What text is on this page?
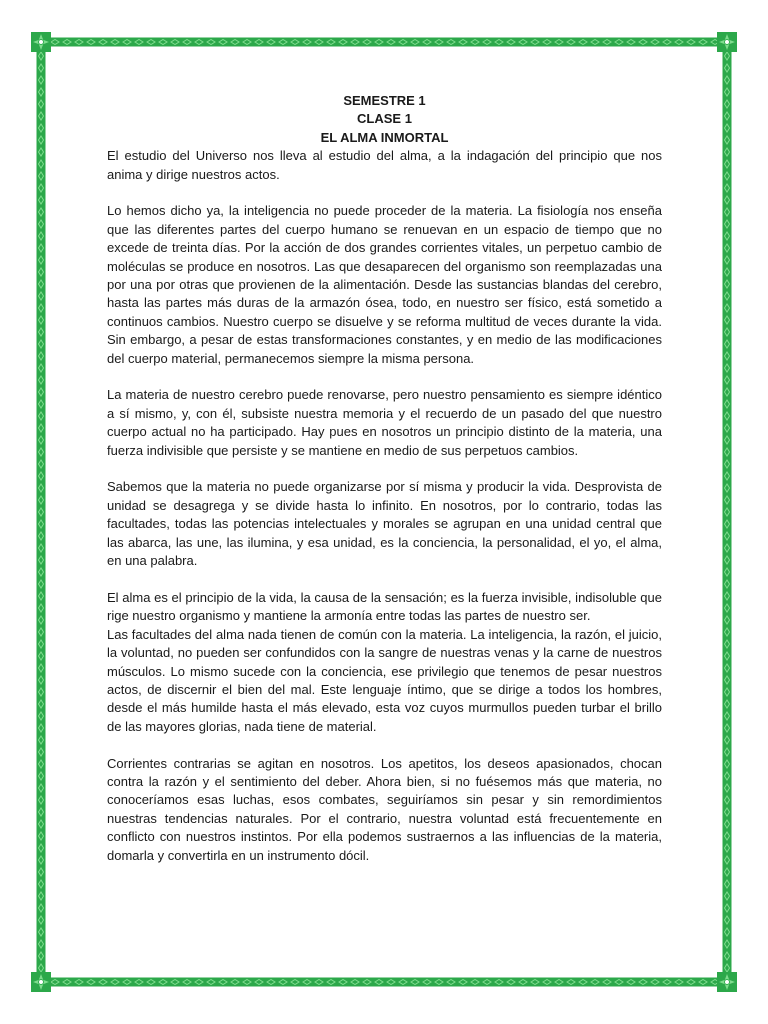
SEMESTRE 1
CLASE 1
EL ALMA INMORTAL

El estudio del Universo nos lleva al estudio del alma, a la indagación del principio que nos anima y dirige nuestros actos.

Lo hemos dicho ya, la inteligencia no puede proceder de la materia. La fisiología nos enseña que las diferentes partes del cuerpo humano se renuevan en un espacio de tiempo que no excede de treinta días. Por la acción de dos grandes corrientes vitales, un perpetuo cambio de moléculas se produce en nosotros. Las que desaparecen del organismo son reemplazadas una por una por otras que provienen de la alimentación. Desde las sustancias blandas del cerebro, hasta las partes más duras de la armazón ósea, todo, en nuestro ser físico, está sometido a continuos cambios. Nuestro cuerpo se disuelve y se reforma multitud de veces durante la vida. Sin embargo, a pesar de estas transformaciones constantes, y en medio de las modificaciones del cuerpo material, permanecemos siempre la misma persona.

La materia de nuestro cerebro puede renovarse, pero nuestro pensamiento es siempre idéntico a sí mismo, y, con él, subsiste nuestra memoria y el recuerdo de un pasado del que nuestro cuerpo actual no ha participado. Hay pues en nosotros un principio distinto de la materia, una fuerza indivisible que persiste y se mantiene en medio de sus perpetuos cambios.

Sabemos que la materia no puede organizarse por sí misma y producir la vida. Desprovista de unidad se desagrega y se divide hasta lo infinito. En nosotros, por lo contrario, todas las facultades, todas las potencias intelectuales y morales se agrupan en una unidad central que las abarca, las une, las ilumina, y esa unidad, es la conciencia, la personalidad, el yo, el alma, en una palabra.

El alma es el principio de la vida, la causa de la sensación; es la fuerza invisible, indisoluble que rige nuestro organismo y mantiene la armonía entre todas las partes de nuestro ser.

Las facultades del alma nada tienen de común con la materia. La inteligencia, la razón, el juicio, la voluntad, no pueden ser confundidos con la sangre de nuestras venas y la carne de nuestros músculos. Lo mismo sucede con la conciencia, ese privilegio que tenemos de pesar nuestros actos, de discernir el bien del mal. Este lenguaje íntimo, que se dirige a todos los hombres, desde el más humilde hasta el más elevado, esta voz cuyos murmullos pueden turbar el brillo de las mayores glorias, nada tiene de material.

Corrientes contrarias se agitan en nosotros. Los apetitos, los deseos apasionados, chocan contra la razón y el sentimiento del deber. Ahora bien, si no fuésemos más que materia, no conoceríamos esas luchas, esos combates, seguiríamos sin pesar y sin remordimientos nuestras tendencias naturales. Por el contrario, nuestra voluntad está frecuentemente en conflicto con nuestros instintos. Por ella podemos sustraernos a las influencias de la materia, domarla y convertirla en un instrumento dócil.
